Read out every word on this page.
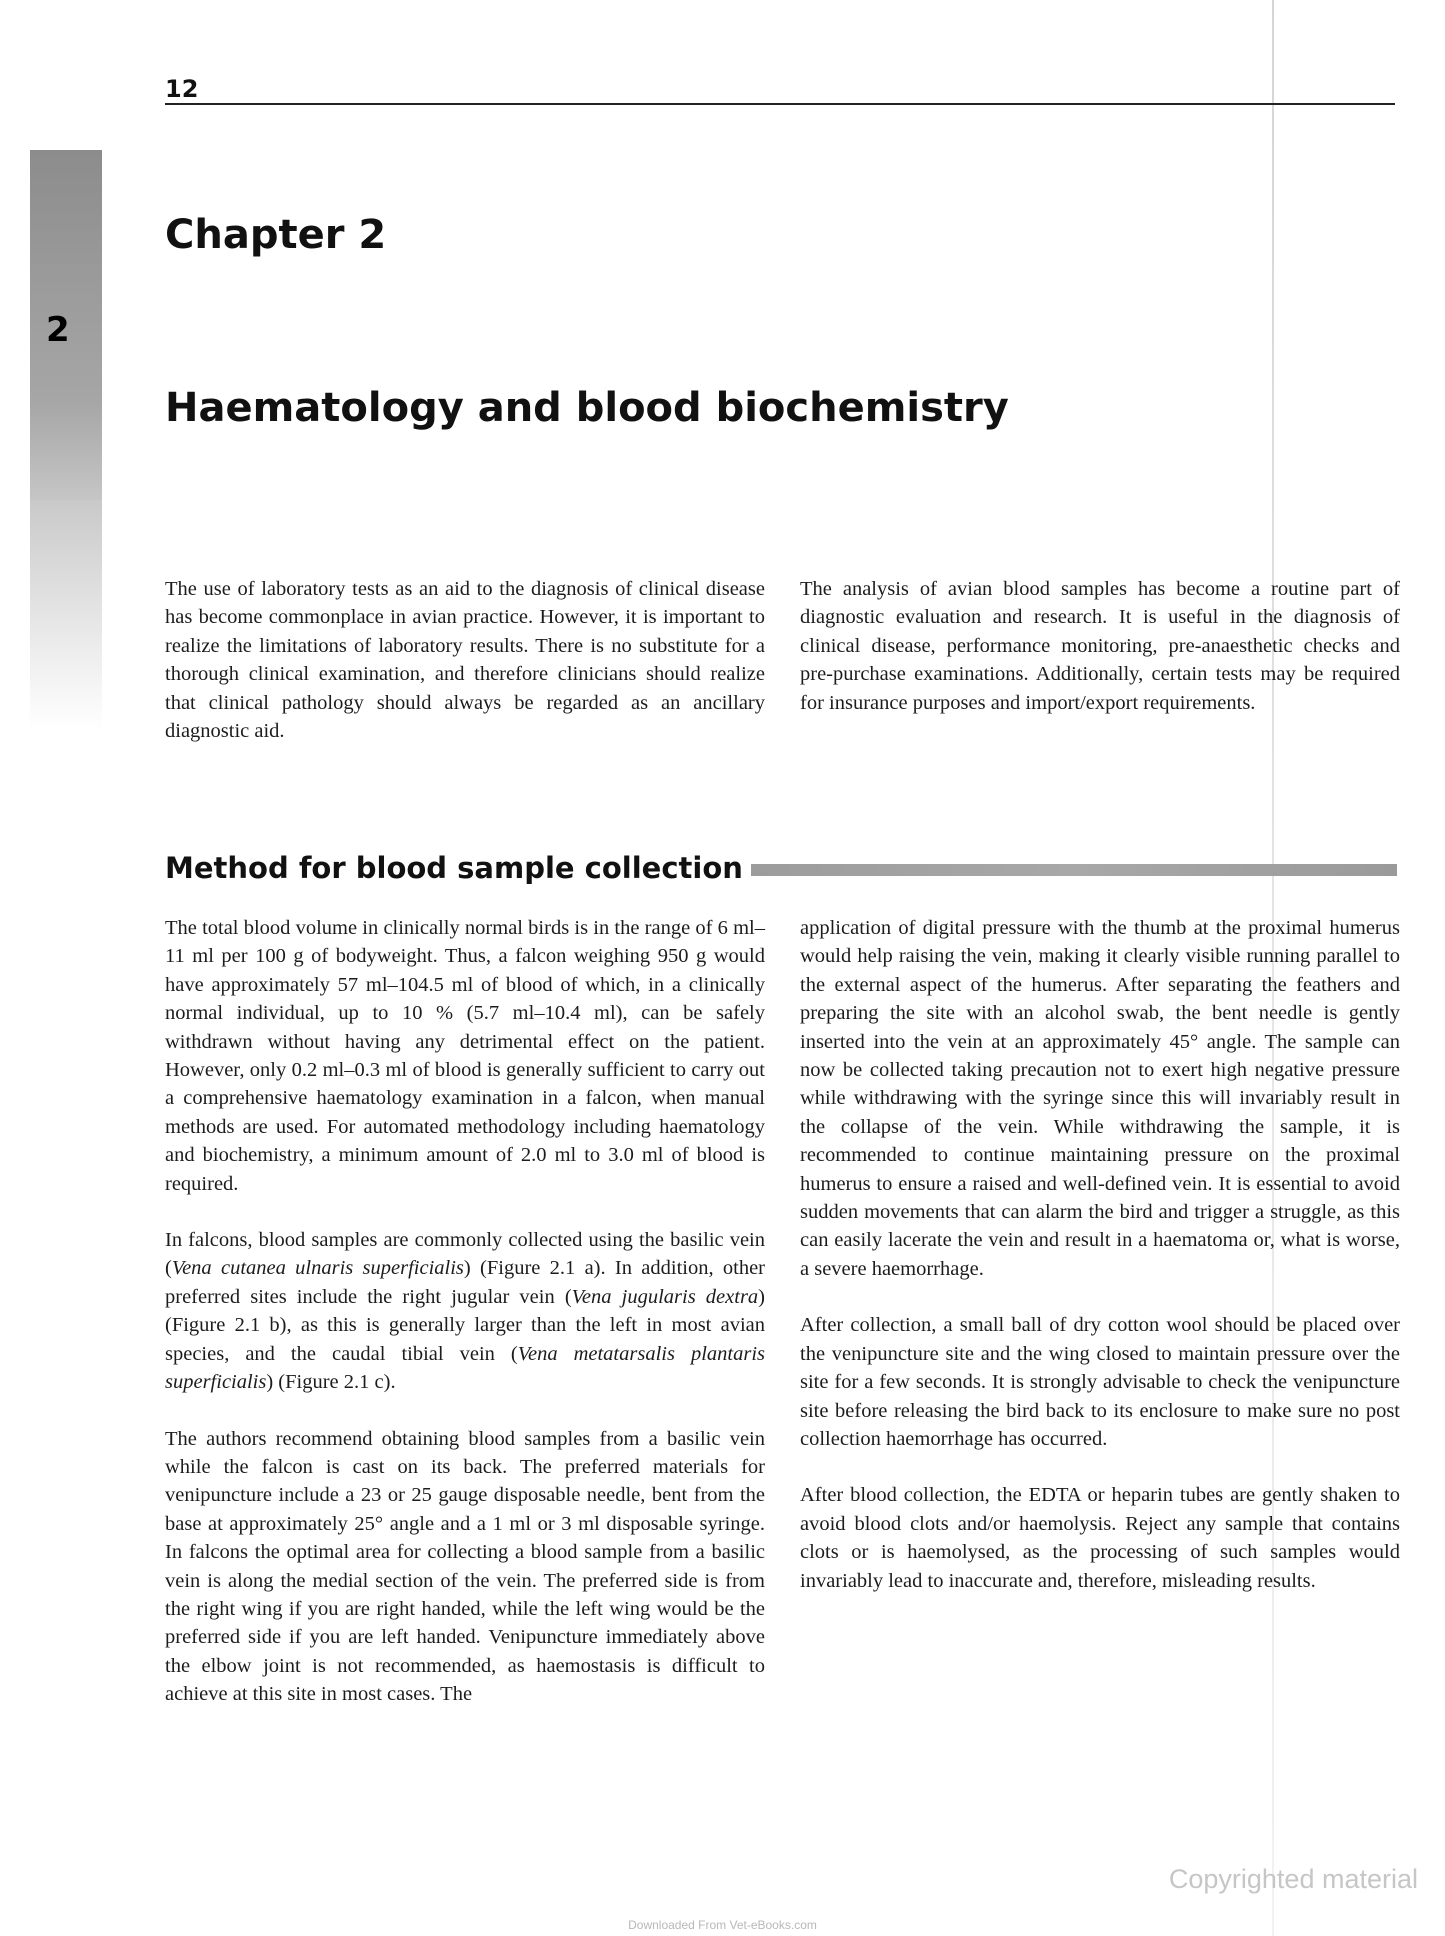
2
12
Chapter 2
Haematology and blood biochemistry

The use of laboratory tests as an aid to the diagnosis of clinical disease has become commonplace in avian practice. However, it is important to realize the limitations of laboratory results. There is no substitute for a thorough clinical examination, and therefore clinicians should realize that clinical pathology should always be regarded as an ancillary diagnostic aid.

The analysis of avian blood samples has become a routine part of diagnostic evaluation and research. It is useful in the diagnosis of clinical disease, performance monitoring, pre-anaesthetic checks and pre-purchase examinations. Additionally, certain tests may be required for insurance purposes and import/export requirements.

Method for blood sample collection

The total blood volume in clinically normal birds is in the range of 6 ml–11 ml per 100 g of bodyweight. Thus, a falcon weighing 950 g would have approximately 57 ml–104.5 ml of blood of which, in a clinically normal individual, up to 10 % (5.7 ml–10.4 ml), can be safely withdrawn without having any detrimental effect on the patient. However, only 0.2 ml–0.3 ml of blood is generally sufficient to carry out a comprehensive haematology examination in a falcon, when manual methods are used. For automated methodology including haematology and biochemistry, a minimum amount of 2.0 ml to 3.0 ml of blood is required.

In falcons, blood samples are commonly collected using the basilic vein (Vena cutanea ulnaris superficialis) (Figure 2.1 a). In addition, other preferred sites include the right jugular vein (Vena jugularis dextra) (Figure 2.1 b), as this is generally larger than the left in most avian species, and the caudal tibial vein (Vena metatarsalis plantaris superficialis) (Figure 2.1 c).

The authors recommend obtaining blood samples from a basilic vein while the falcon is cast on its back. The preferred materials for venipuncture include a 23 or 25 gauge disposable needle, bent from the base at approximately 25° angle and a 1 ml or 3 ml disposable syringe. In falcons the optimal area for collecting a blood sample from a basilic vein is along the medial section of the vein. The preferred side is from the right wing if you are right handed, while the left wing would be the preferred side if you are left handed. Venipuncture immediately above the elbow joint is not recommended, as haemostasis is difficult to achieve at this site in most cases. The

application of digital pressure with the thumb at the proximal humerus would help raising the vein, making it clearly visible running parallel to the external aspect of the humerus. After separating the feathers and preparing the site with an alcohol swab, the bent needle is gently inserted into the vein at an approximately 45° angle. The sample can now be collected taking precaution not to exert high negative pressure while withdrawing with the syringe since this will invariably result in the collapse of the vein. While withdrawing the sample, it is recommended to continue maintaining pressure on the proximal humerus to ensure a raised and well-defined vein. It is essential to avoid sudden movements that can alarm the bird and trigger a struggle, as this can easily lacerate the vein and result in a haematoma or, what is worse, a severe haemorrhage.

After collection, a small ball of dry cotton wool should be placed over the venipuncture site and the wing closed to maintain pressure over the site for a few seconds. It is strongly advisable to check the venipuncture site before releasing the bird back to its enclosure to make sure no post collection haemorrhage has occurred.

After blood collection, the EDTA or heparin tubes are gently shaken to avoid blood clots and/or haemolysis. Reject any sample that contains clots or is haemolysed, as the processing of such samples would invariably lead to inaccurate and, therefore, misleading results.

Copyrighted material
Downloaded From Vet-eBooks.com
